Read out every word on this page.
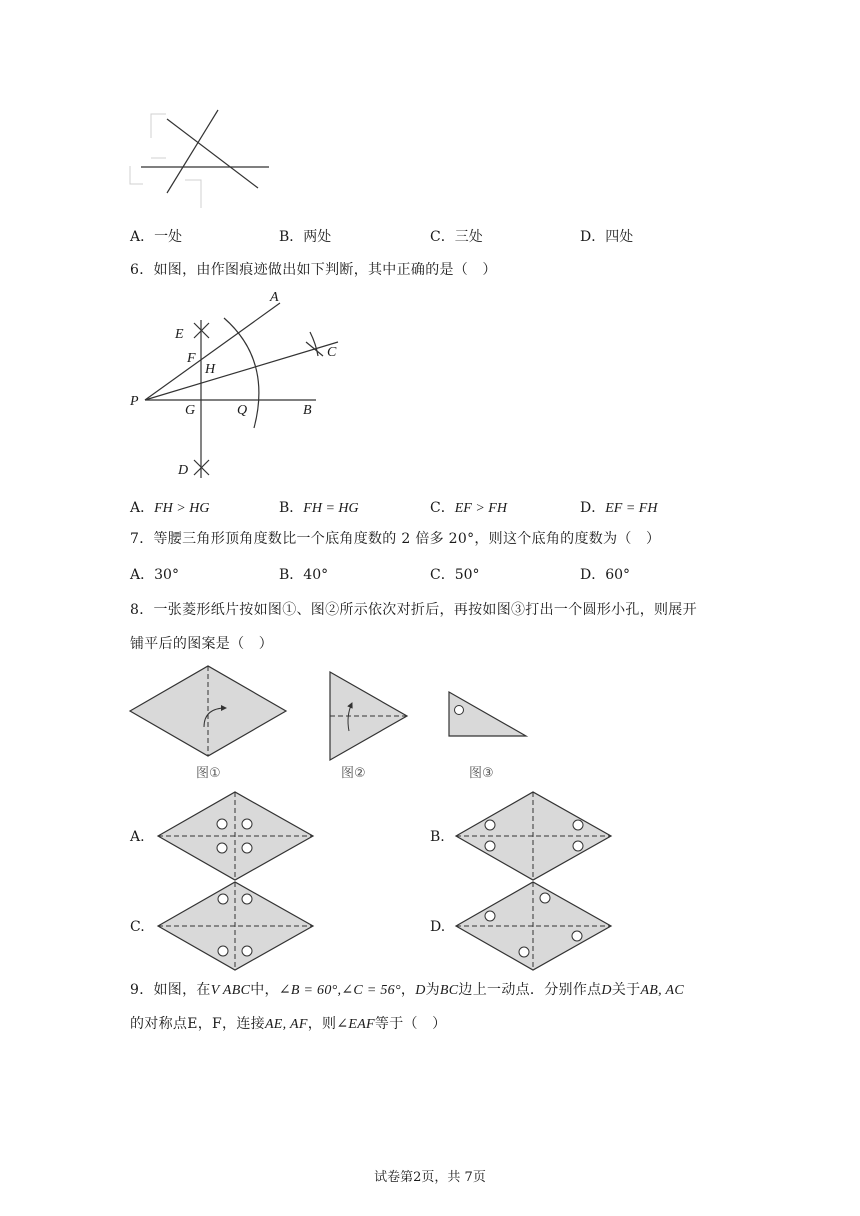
A．一处	B．两处	C．三处	D．四处
6．如图，由作图痕迹做出如下判断，其中正确的是（　）
A
C
E
F
H
P
G	Q	B
D
A．FH > HG	B．FH = HG	C．EF > FH	D．EF = FH
7．等腰三角形顶角度数比一个底角度数的 2 倍多 20°，则这个底角的度数为（　）
A．30°	B．40°	C．50°	D．60°
8．一张菱形纸片按如图①、图②所示依次对折后，再按如图③打出一个圆形小孔，则展开
铺平后的图案是（　）
图①	图②	图③
A.	B.
C.	D.
9．如图，在V ABC中，∠B = 60°,∠C = 56°，D为BC边上一动点．分别作点D关于AB, AC
的对称点E，F，连接AE, AF，则∠EAF等于（　）
试卷第2页，共 7页
